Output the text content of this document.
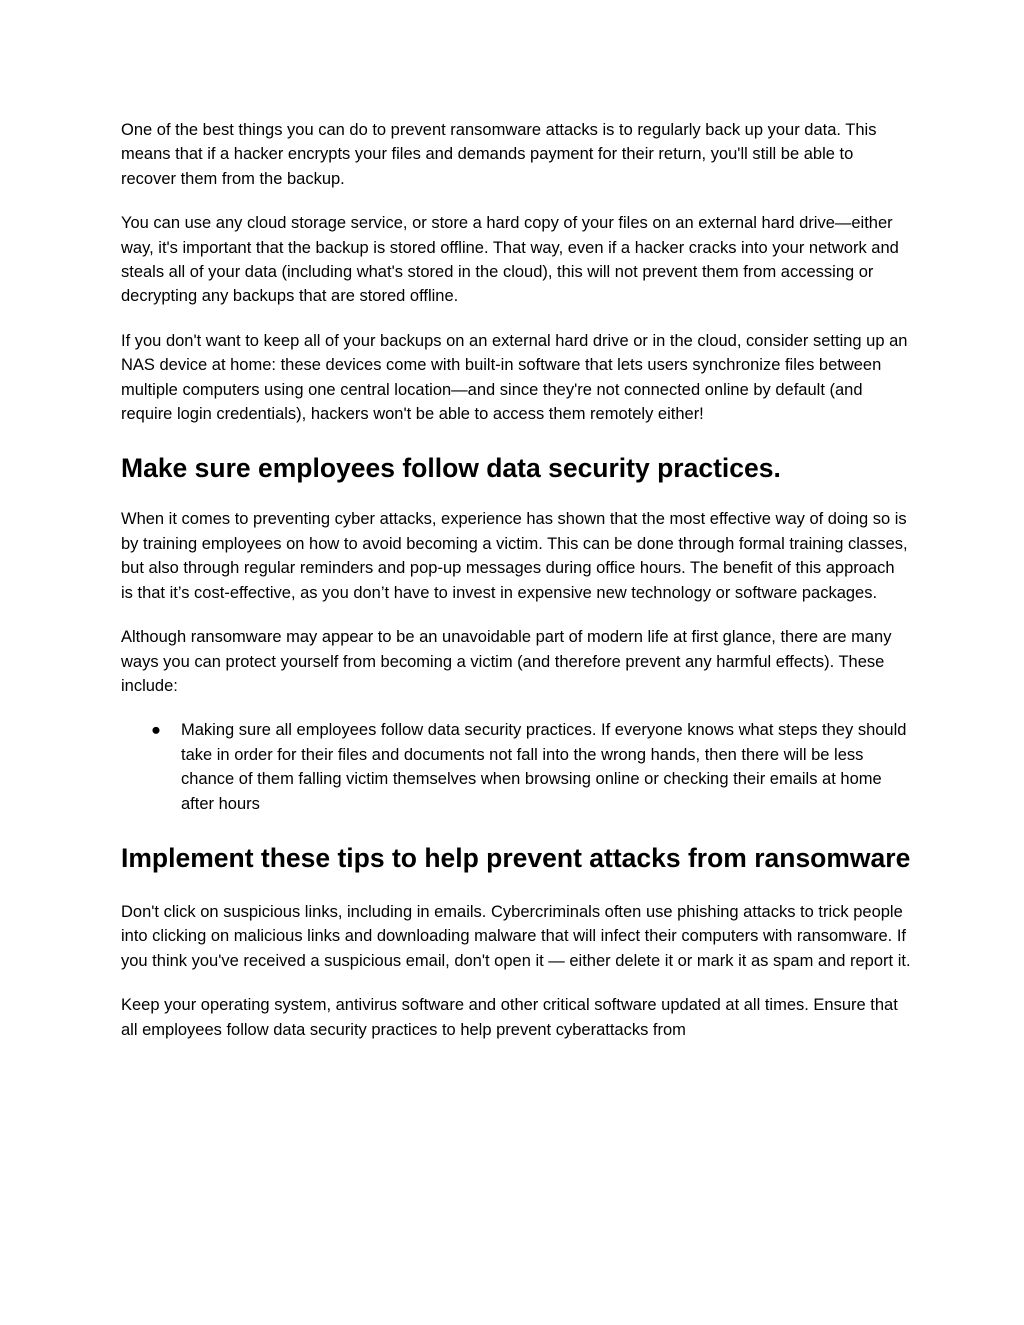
One of the best things you can do to prevent ransomware attacks is to regularly back up your data. This means that if a hacker encrypts your files and demands payment for their return, you'll still be able to recover them from the backup.

You can use any cloud storage service, or store a hard copy of your files on an external hard drive—either way, it's important that the backup is stored offline. That way, even if a hacker cracks into your network and steals all of your data (including what's stored in the cloud), this will not prevent them from accessing or decrypting any backups that are stored offline.

If you don't want to keep all of your backups on an external hard drive or in the cloud, consider setting up an NAS device at home: these devices come with built-in software that lets users synchronize files between multiple computers using one central location—and since they're not connected online by default (and require login credentials), hackers won't be able to access them remotely either!

Make sure employees follow data security practices.

When it comes to preventing cyber attacks, experience has shown that the most effective way of doing so is by training employees on how to avoid becoming a victim. This can be done through formal training classes, but also through regular reminders and pop-up messages during office hours. The benefit of this approach is that it’s cost-effective, as you don’t have to invest in expensive new technology or software packages.

Although ransomware may appear to be an unavoidable part of modern life at first glance, there are many ways you can protect yourself from becoming a victim (and therefore prevent any harmful effects). These include:

● Making sure all employees follow data security practices. If everyone knows what steps they should take in order for their files and documents not fall into the wrong hands, then there will be less chance of them falling victim themselves when browsing online or checking their emails at home after hours
Implement these tips to help prevent attacks from ransomware

Don't click on suspicious links, including in emails. Cybercriminals often use phishing attacks to trick people into clicking on malicious links and downloading malware that will infect their computers with ransomware. If you think you've received a suspicious email, don't open it — either delete it or mark it as spam and report it.

Keep your operating system, antivirus software and other critical software updated at all times. Ensure that all employees follow data security practices to help prevent cyberattacks from
